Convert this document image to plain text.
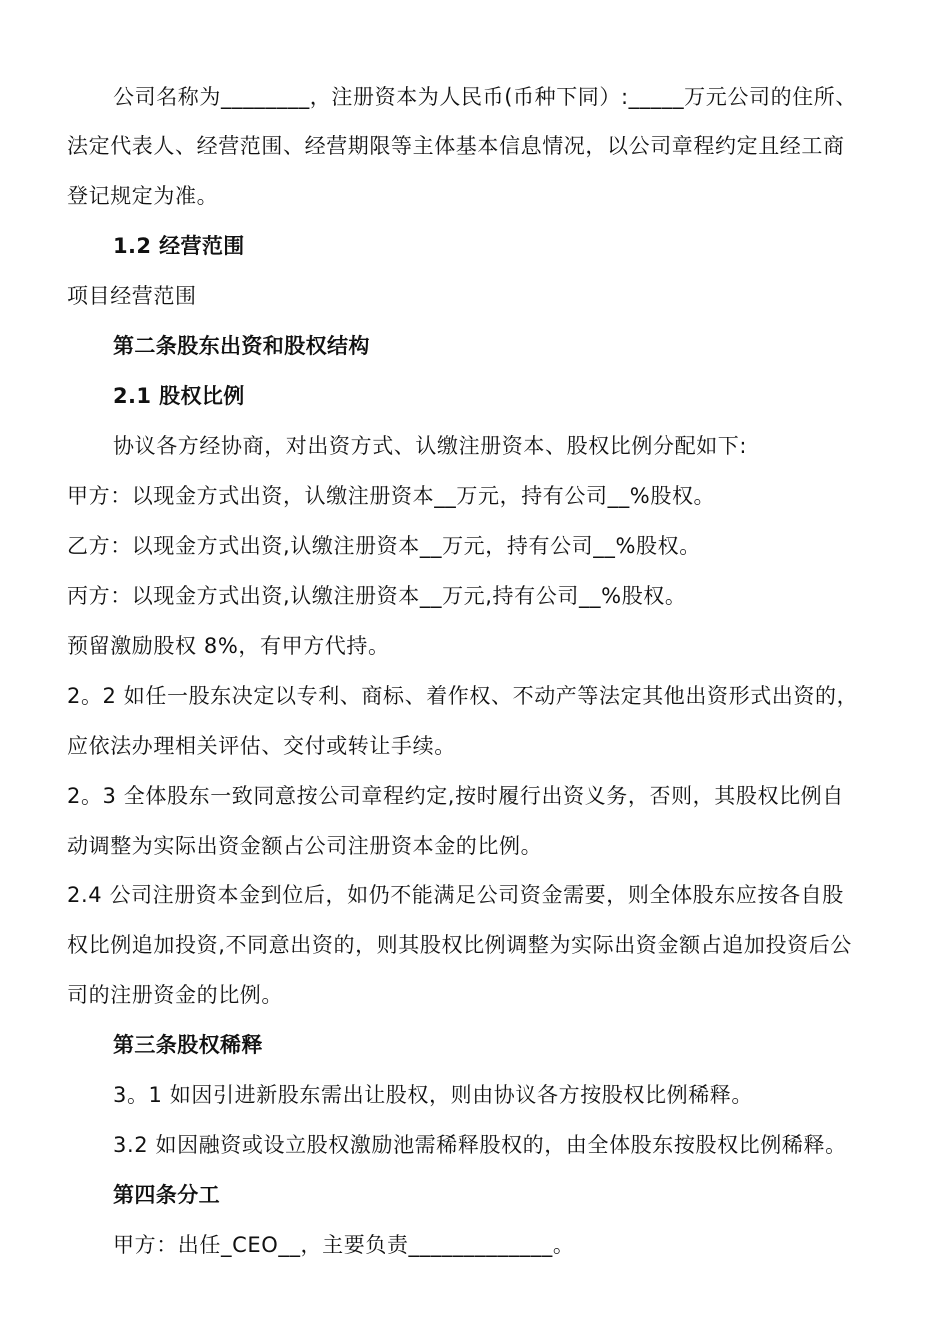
公司名称为________，注册资本为人民币(币种下同）:_____万元公司的住所、
法定代表人、经营范围、经营期限等主体基本信息情况，以公司章程约定且经工商
登记规定为准。
1.2 经营范围
项目经营范围
第二条股东出资和股权结构
2.1 股权比例
协议各方经协商，对出资方式、认缴注册资本、股权比例分配如下:
甲方：以现金方式出资，认缴注册资本__万元，持有公司__%股权。
乙方：以现金方式出资,认缴注册资本__万元，持有公司__%股权。
丙方：以现金方式出资,认缴注册资本__万元,持有公司__%股权。
预留激励股权 8%，有甲方代持。
2。2 如任一股东决定以专利、商标、着作权、不动产等法定其他出资形式出资的，
应依法办理相关评估、交付或转让手续。
2。3 全体股东一致同意按公司章程约定,按时履行出资义务，否则，其股权比例自
动调整为实际出资金额占公司注册资本金的比例。
2.4 公司注册资本金到位后，如仍不能满足公司资金需要，则全体股东应按各自股
权比例追加投资,不同意出资的，则其股权比例调整为实际出资金额占追加投资后公
司的注册资金的比例。
第三条股权稀释
3。1 如因引进新股东需出让股权，则由协议各方按股权比例稀释。
3.2 如因融资或设立股权激励池需稀释股权的，由全体股东按股权比例稀释。
第四条分工
甲方：出任_CEO__，主要负责_____________。
